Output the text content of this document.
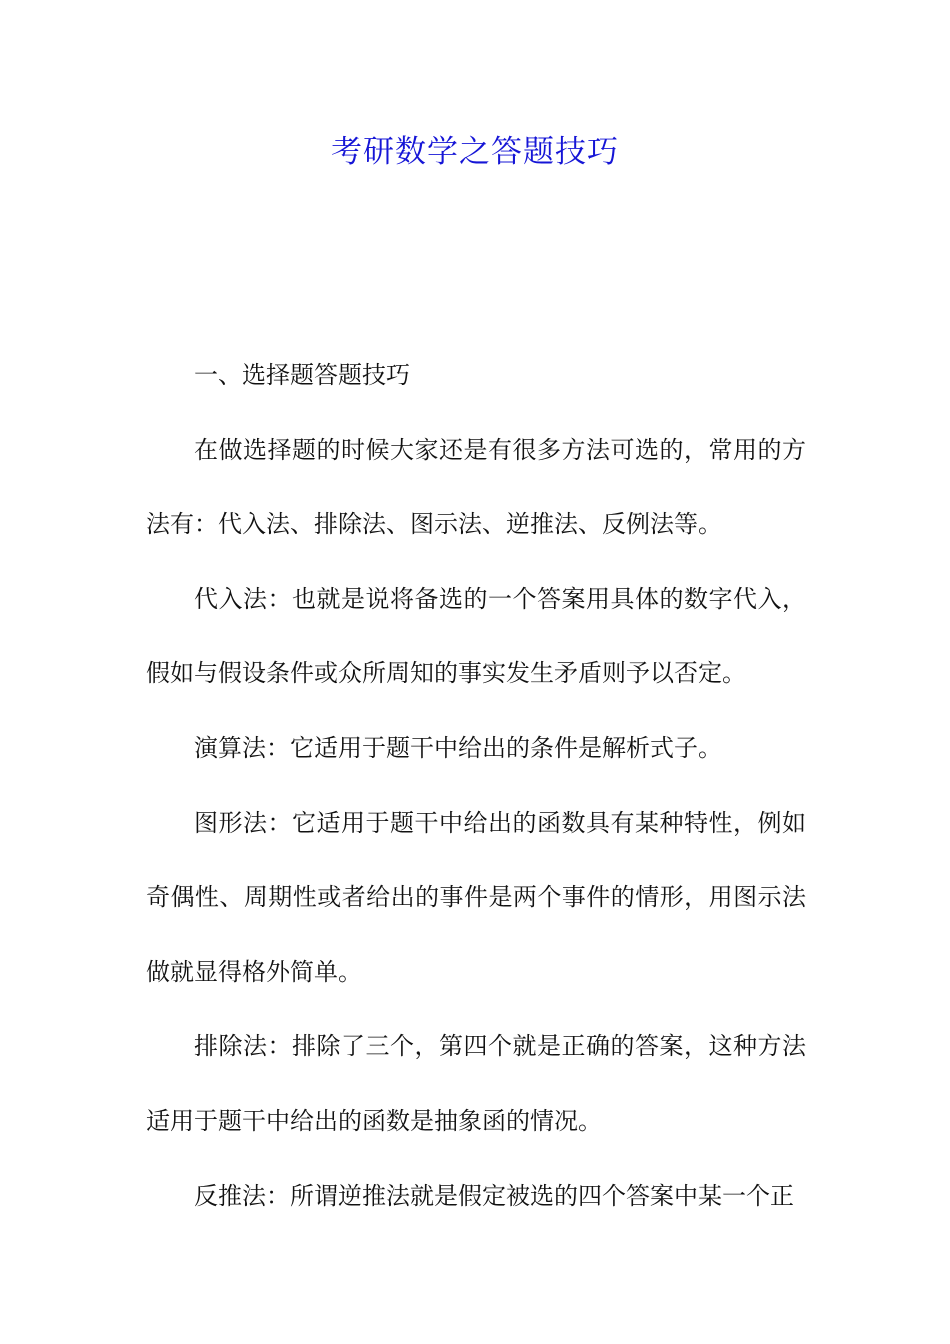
考研数学之答题技巧

一、选择题答题技巧

在做选择题的时候大家还是有很多方法可选的，常用的方法有：代入法、排除法、图示法、逆推法、反例法等。

代入法：也就是说将备选的一个答案用具体的数字代入，假如与假设条件或众所周知的事实发生矛盾则予以否定。

演算法：它适用于题干中给出的条件是解析式子。

图形法：它适用于题干中给出的函数具有某种特性，例如奇偶性、周期性或者给出的事件是两个事件的情形，用图示法做就显得格外简单。

排除法：排除了三个，第四个就是正确的答案，这种方法适用于题干中给出的函数是抽象函的情况。

反推法：所谓逆推法就是假定被选的四个答案中某一个正
